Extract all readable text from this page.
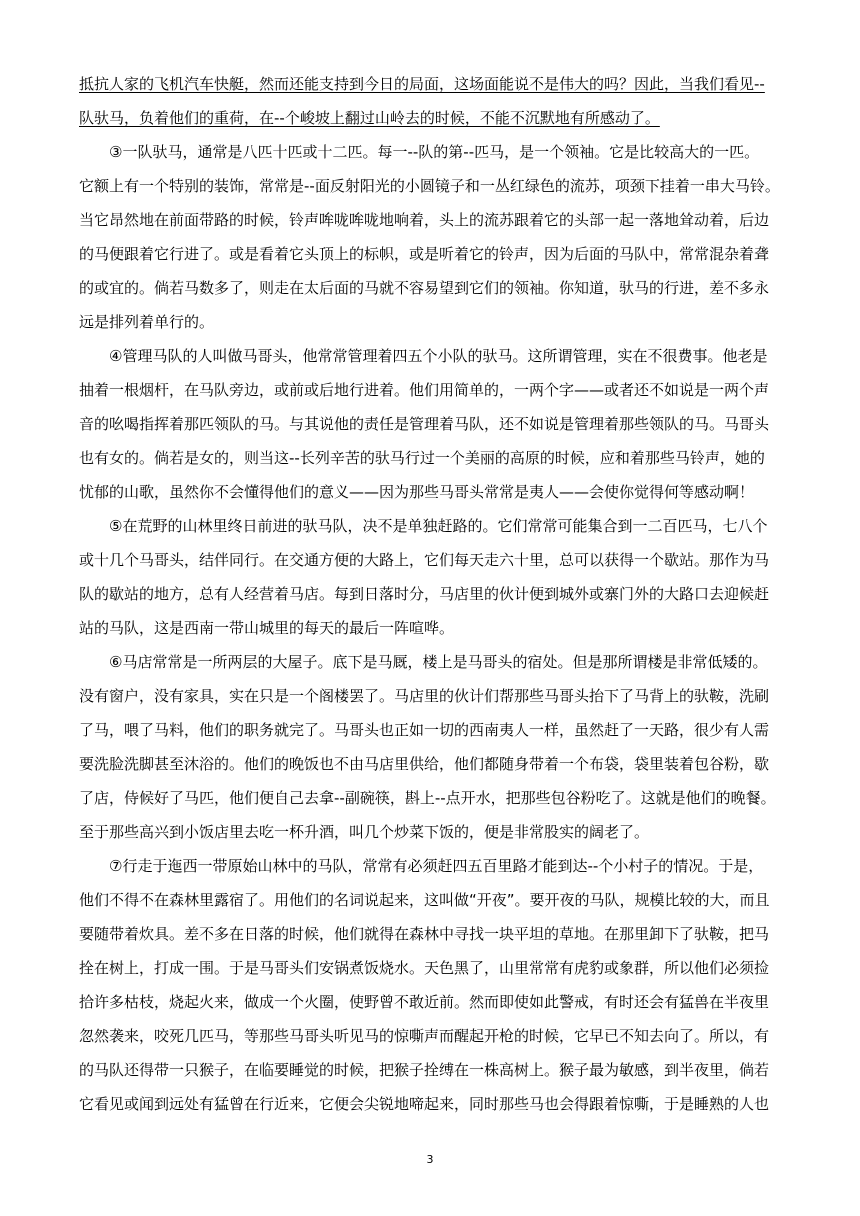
抵抗人家的飞机汽车快艇，然而还能支持到今日的局面，这场面能说不是伟大的吗？因此，当我们看见--
队驮马，负着他们的重荷，在--个峻坡上翻过山岭去的时候，不能不沉默地有所感动了。
　　③一队驮马，通常是八匹十匹或十二匹。每一--队的第--匹马，是一个领袖。它是比较高大的一匹。
它额上有一个特别的装饰，常常是--面反射阳光的小圆镜子和一丛红绿色的流苏，项颈下挂着一串大马铃。
当它昂然地在前面带路的时候，铃声哞咙哞咙地响着，头上的流苏跟着它的头部一起一落地耸动着，后边
的马便跟着它行进了。或是看着它头顶上的标帜，或是听着它的铃声，因为后面的马队中，常常混杂着聋
的或宜的。倘若马数多了，则走在太后面的马就不容易望到它们的领袖。你知道，驮马的行进，差不多永
远是排列着单行的。
　　④管理马队的人叫做马哥头，他常常管理着四五个小队的驮马。这所谓管理，实在不很费事。他老是
抽着一根烟杆，在马队旁边，或前或后地行进着。他们用简单的，一两个字——或者还不如说是一两个声
音的吆喝指挥着那匹领队的马。与其说他的责任是管理着马队，还不如说是管理着那些领队的马。马哥头
也有女的。倘若是女的，则当这--长列辛苦的驮马行过一个美丽的高原的时候，应和着那些马铃声，她的
忧郁的山歌，虽然你不会懂得他们的意义——因为那些马哥头常常是夷人——会使你觉得何等感动啊！
　　⑤在荒野的山林里终日前进的驮马队，决不是单独赶路的。它们常常可能集合到一二百匹马，七八个
或十几个马哥头，结伴同行。在交通方便的大路上，它们每天走六十里，总可以获得一个歇站。那作为马
队的歇站的地方，总有人经营着马店。每到日落时分，马店里的伙计便到城外或寨门外的大路口去迎候赶
站的马队，这是西南一带山城里的每天的最后一阵喧哗。
　　⑥马店常常是一所两层的大屋子。底下是马厩，楼上是马哥头的宿处。但是那所谓楼是非常低矮的。
没有窗户，没有家具，实在只是一个阁楼罢了。马店里的伙计们帮那些马哥头抬下了马背上的驮鞍，洗刷
了马，喂了马料，他们的职务就完了。马哥头也正如一切的西南夷人一样，虽然赶了一天路，很少有人需
要洗脸洗脚甚至沐浴的。他们的晚饭也不由马店里供给，他们都随身带着一个布袋，袋里装着包谷粉，歇
了店，侍候好了马匹，他们便自己去拿--副碗筷，斟上--点开水，把那些包谷粉吃了。这就是他们的晚餐。
至于那些高兴到小饭店里去吃一杯升酒，叫几个炒菜下饭的，便是非常股实的阔老了。
　　⑦行走于迤西一带原始山林中的马队，常常有必须赶四五百里路才能到达--个小村子的情况。于是，
他们不得不在森林里露宿了。用他们的名词说起来，这叫做“开夜”。要开夜的马队，规模比较的大，而且
要随带着炊具。差不多在日落的时候，他们就得在森林中寻找一块平坦的草地。在那里卸下了驮鞍，把马
拴在树上，打成一围。于是马哥头们安锅煮饭烧水。天色黑了，山里常常有虎豹或象群，所以他们必须捡
拾许多枯枝，烧起火来，做成一个火圈，使野曾不敢近前。然而即使如此警戒，有时还会有猛兽在半夜里
忽然袭来，咬死几匹马，等那些马哥头听见马的惊嘶声而醒起开枪的时候，它早已不知去向了。所以，有
的马队还得带一只猴子，在临要睡觉的时候，把猴子拴缚在一株高树上。猴子最为敏感，到半夜里，倘若
它看见或闻到远处有猛曾在行近来，它便会尖锐地啼起来，同时那些马也会得跟着惊嘶，于是睡熟的人也
3
